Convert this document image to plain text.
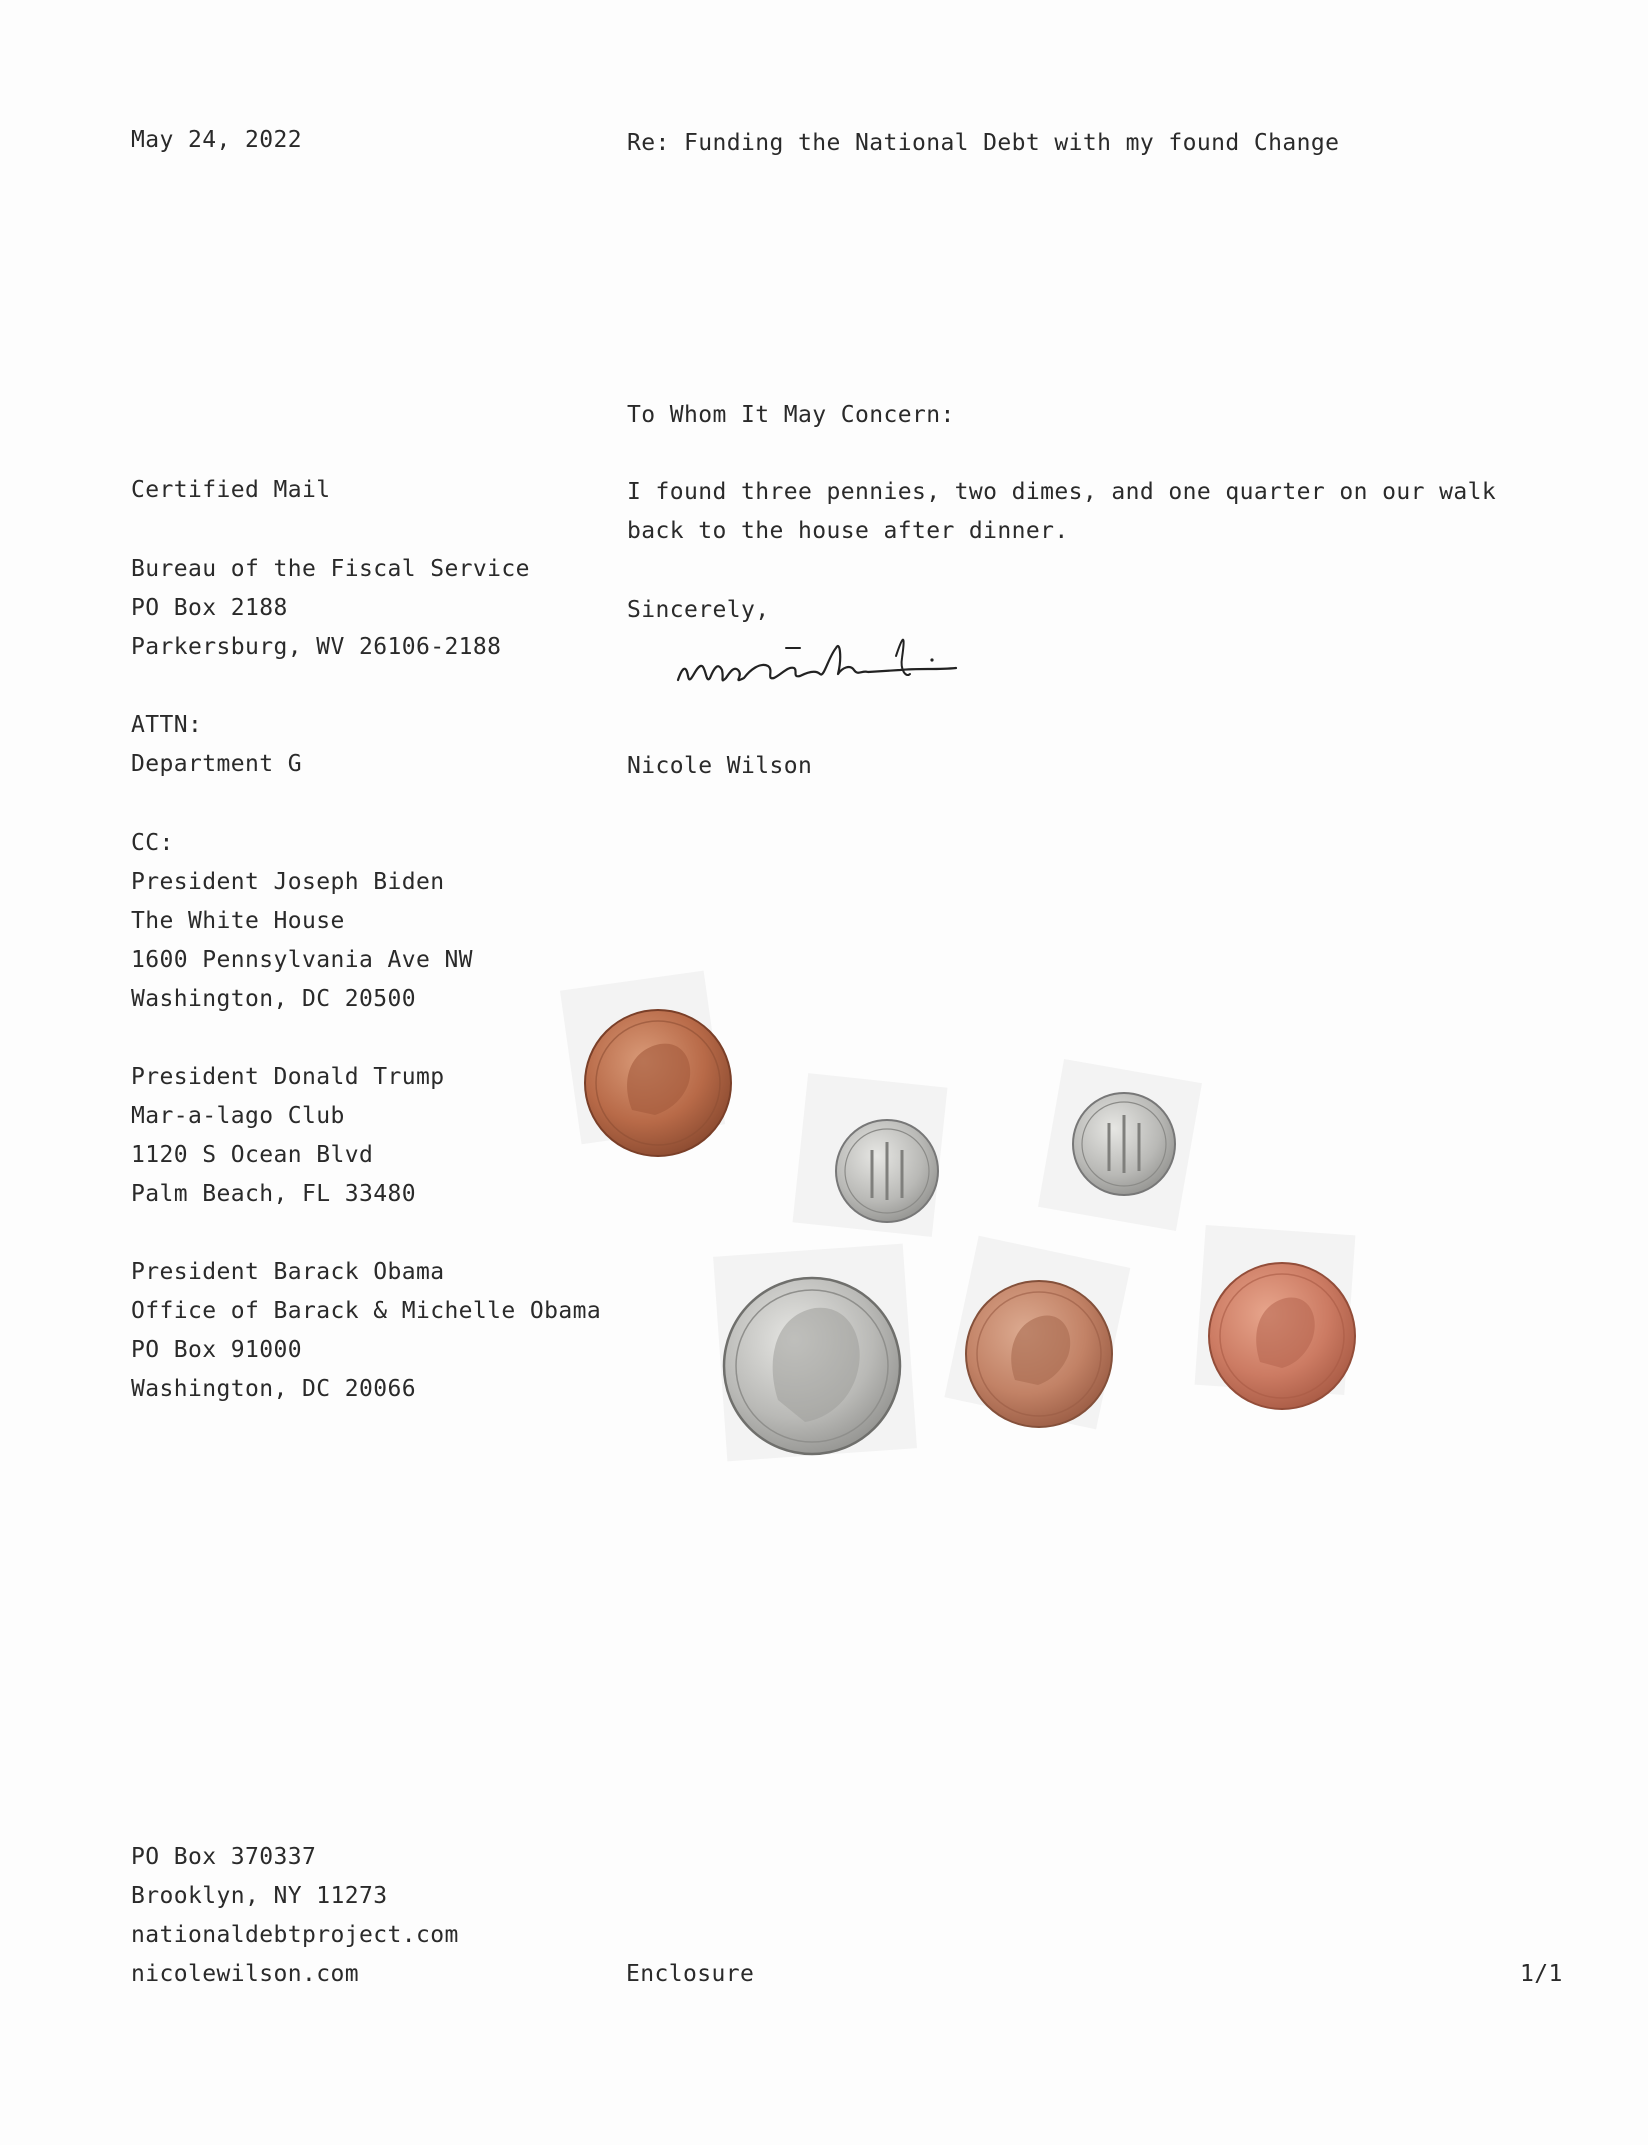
May 24, 2022	Re: Funding the National Debt with my found Change
To Whom It May Concern:
Certified Mail	I found three pennies, two dimes, and one quarter on our walk back to the house after dinner.
Bureau of the Fiscal Service
PO Box 2188
Parkersburg, WV 26106-2188
Sincerely,
ATTN:
Department G	Nicole Wilson
CC:
President Joseph Biden
The White House
1600 Pennsylvania Ave NW
Washington, DC 20500

President Donald Trump
Mar-a-lago Club
1120 S Ocean Blvd
Palm Beach, FL 33480

President Barack Obama
Office of Barack & Michelle Obama
PO Box 91000
Washington, DC 20066
PO Box 370337
Brooklyn, NY 11273
nationaldebtproject.com
nicolewilson.com	Enclosure	1/1
